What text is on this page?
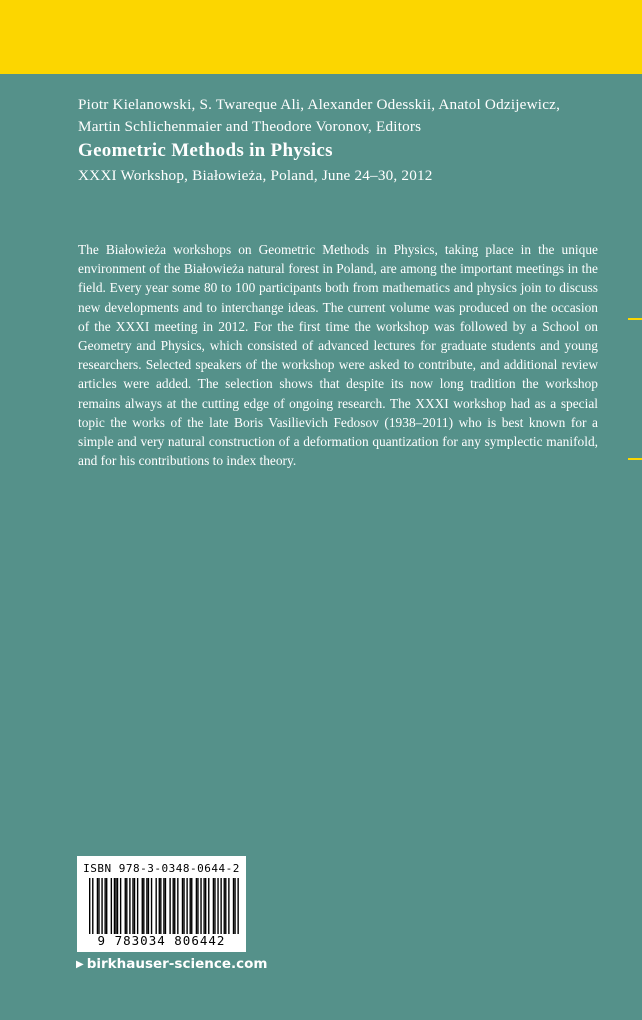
Piotr Kielanowski, S. Twareque Ali, Alexander Odesskii, Anatol Odzijewicz,
Martin Schlichenmaier and Theodore Voronov, Editors
Geometric Methods in Physics
XXXI Workshop, Białowieża, Poland, June 24–30, 2012
The Białowieża workshops on Geometric Methods in Physics, taking place in the unique environment of the Białowieża natural forest in Poland, are among the important meetings in the field. Every year some 80 to 100 participants both from mathematics and physics join to discuss new developments and to interchange ideas. The current volume was produced on the occasion of the XXXI meeting in 2012. For the first time the workshop was followed by a School on Geometry and Physics, which consisted of advanced lectures for graduate students and young researchers. Selected speakers of the workshop were asked to contribute, and additional review articles were added. The selection shows that despite its now long tradition the workshop remains always at the cutting edge of ongoing research. The XXXI workshop had as a special topic the works of the late Boris Vasilievich Fedosov (1938–2011) who is best known for a simple and very natural construction of a deformation quantization for any symplectic manifold, and for his contributions to index theory.
ISBN 978-3-0348-0644-2
9 783034 806442
▶ birkhauser-science.com
